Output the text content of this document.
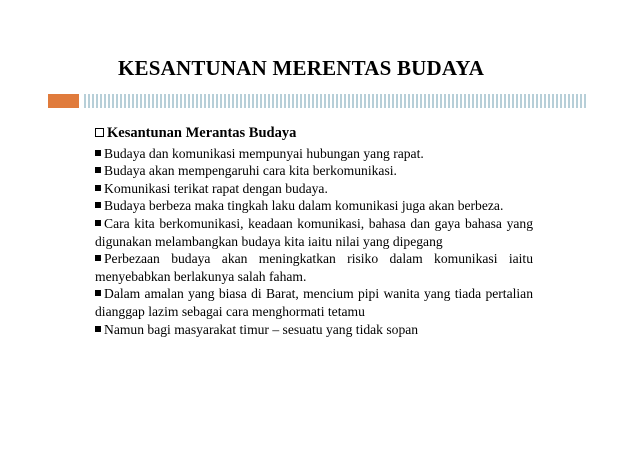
KESANTUNAN MERENTAS BUDAYA
Kesantunan Merantas Budaya
Budaya dan komunikasi mempunyai hubungan yang rapat.
Budaya akan mempengaruhi cara kita berkomunikasi.
Komunikasi terikat rapat dengan budaya.
Budaya berbeza maka tingkah laku dalam komunikasi juga akan berbeza.
Cara kita berkomunikasi, keadaan komunikasi, bahasa dan gaya bahasa yang digunakan melambangkan budaya kita iaitu nilai yang dipegang
Perbezaan budaya akan meningkatkan risiko dalam komunikasi iaitu menyebabkan berlakunya salah faham.
Dalam amalan yang biasa di Barat, mencium pipi wanita yang tiada pertalian dianggap lazim sebagai cara menghormati tetamu
Namun bagi masyarakat timur – sesuatu yang tidak sopan
